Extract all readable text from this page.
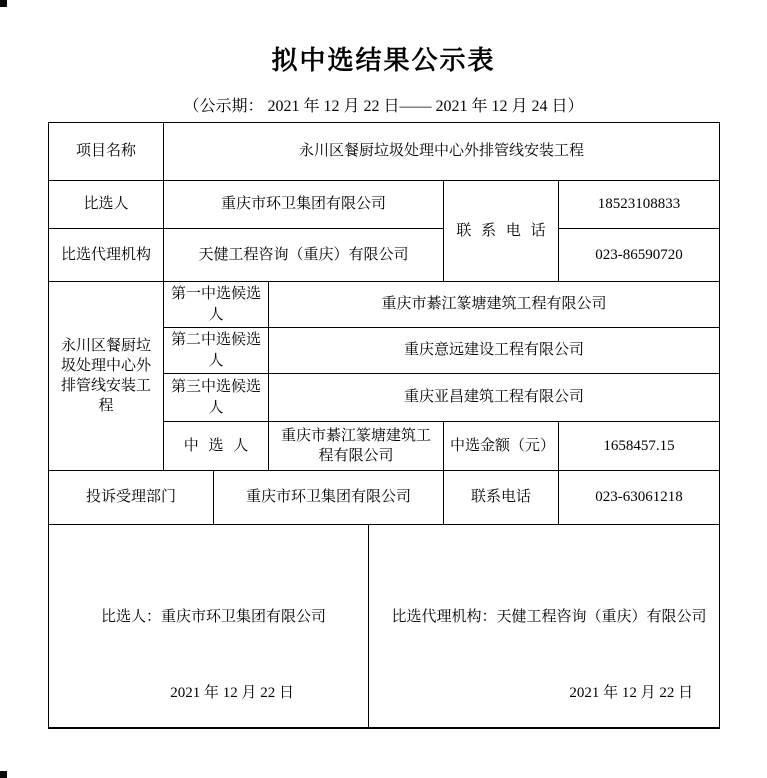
拟中选结果公示表
（公示期： 2021 年 12 月 22 日—— 2021 年 12 月 24 日）
项目名称	永川区餐厨垃圾处理中心外排管线安装工程					
比选人	重庆市环卫集团有限公司				联 系 电 话	18523108833
比选代理机构	天健工程咨询（重庆）有限公司					023-86590720
永川区餐厨垃圾处理中心外排管线安装工程	第一中选候选人		重庆市綦江篆塘建筑工程有限公司			
	第二中选候选人		重庆意远建设工程有限公司			
	第三中选候选人		重庆亚昌建筑工程有限公司			
	中 选 人		重庆市綦江篆塘建筑工程有限公司		中选金额（元）	1658457.15
投诉受理部门		重庆市环卫集团有限公司			联系电话	023-63061218

比选人：重庆市环卫集团有限公司
2021 年 12 月 22 日

比选代理机构：天健工程咨询（重庆）有限公司
2021 年 12 月 22 日
